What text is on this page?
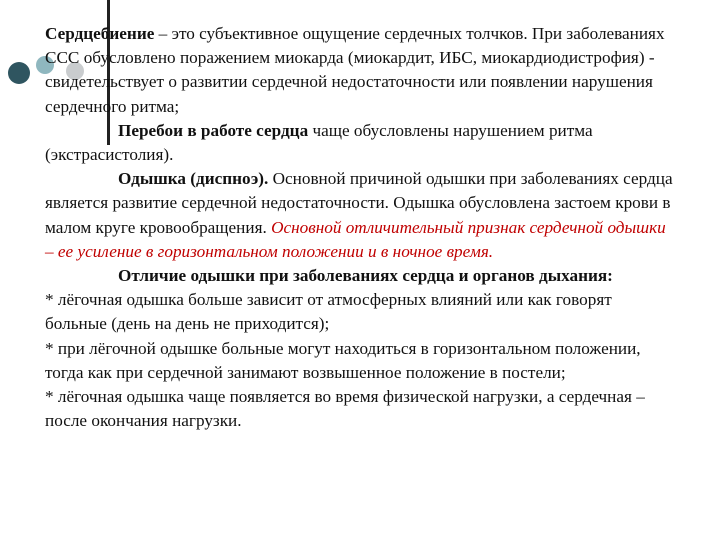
Сердцебиение – это субъективное ощущение сердечных толчков. При заболеваниях ССС обусловлено поражением миокарда (миокардит, ИБС, миокардиодистрофия) - свидетельствует о развитии сердечной недостаточности или появлении нарушения сердечного ритма;

Перебои в работе сердца чаще обусловлены нарушением ритма (экстрасистолия).

Одышка (диспноэ). Основной причиной одышки при заболеваниях сердца является развитие сердечной недостаточности. Одышка обусловлена застоем крови в малом круге кровообращения. Основной отличительный признак сердечной одышки – ее усиление в горизонтальном положении и в ночное время.

Отличие одышки при заболеваниях сердца и органов дыхания:

* лёгочная одышка больше зависит от атмосферных влияний или как говорят больные (день на день не приходится);

* при лёгочной одышке больные могут находиться в горизонтальном положении, тогда как при сердечной занимают возвышенное положение в постели;

* лёгочная одышка чаще появляется во время физической нагрузки, а сердечная – после окончания нагрузки.
